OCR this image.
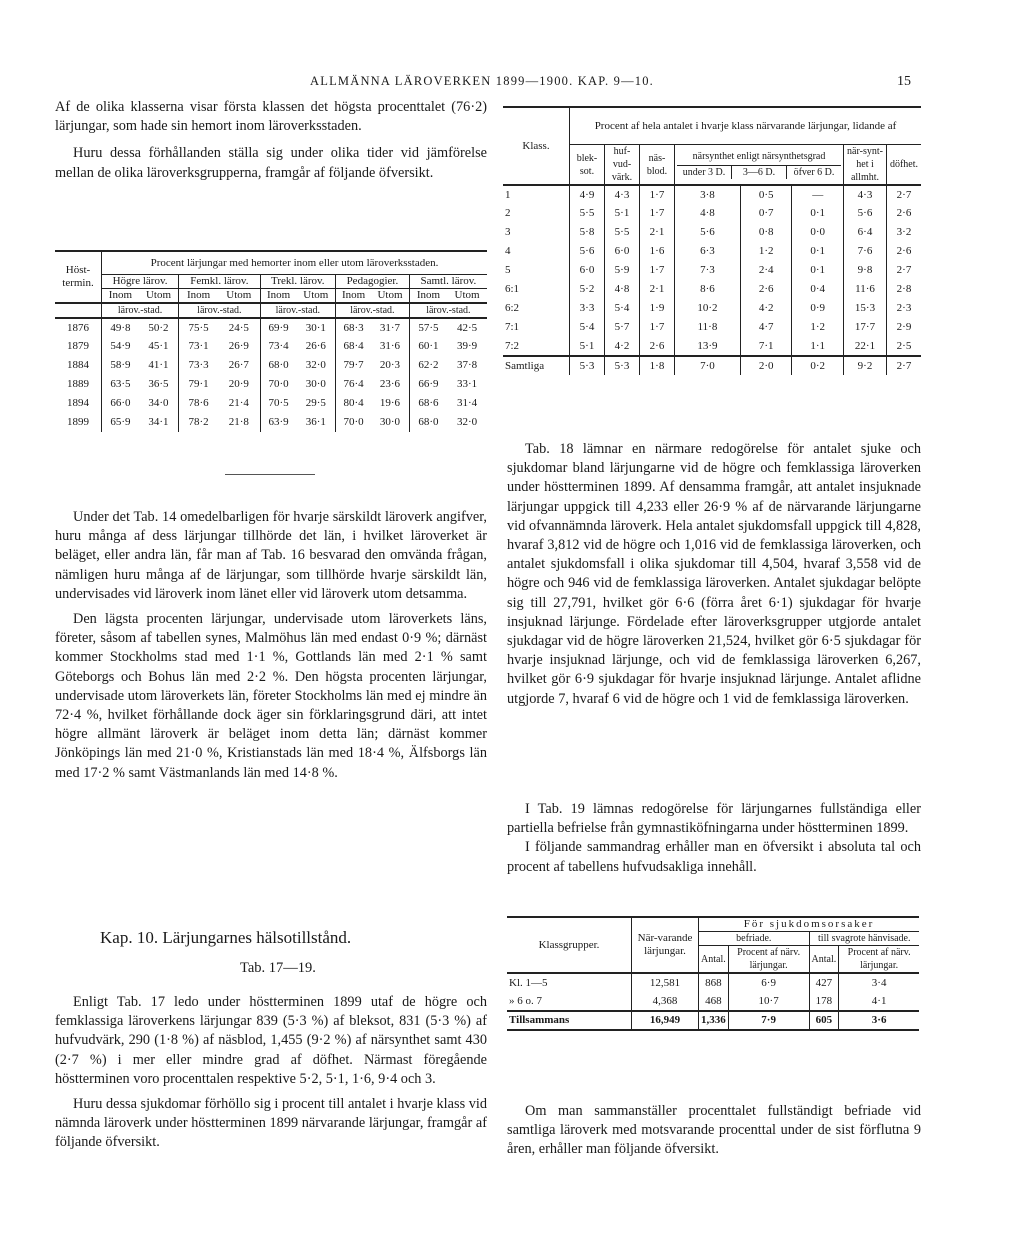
ALLMÄNNA LÄROVERKEN 1899—1900. KAP. 9—10.	15

Af de olika klasserna visar första klassen det högsta procenttalet (76·2) lärjungar, som hade sin hemort inom läroverksstaden.

Huru dessa förhållanden ställa sig under olika tider vid jämförelse mellan de olika läroverksgrupperna, framgår af följande öfversikt.

Höst-
termin.	Procent lärjungar med hemorter inom eller utom läroverksstaden.									
	Högre lärov.		Femkl. lärov.		Trekl. lärov.		Pedagogier.		Samtl. lärov.	
	Inom	Utom	Inom	Utom	Inom	Utom	Inom	Utom	Inom	Utom
	lärov.-stad.		lärov.-stad.		lärov.-stad.		lärov.-stad.		lärov.-stad.	
1876	49·8	50·2	75·5	24·5	69·9	30·1	68·3	31·7	57·5	42·5
1879	54·9	45·1	73·1	26·9	73·4	26·6	68·4	31·6	60·1	39·9
1884	58·9	41·1	73·3	26·7	68·0	32·0	79·7	20·3	62·2	37·8
1889	63·5	36·5	79·1	20·9	70·0	30·0	76·4	23·6	66·9	33·1
1894	66·0	34·0	78·6	21·4	70·5	29·5	80·4	19·6	68·6	31·4
1899	65·9	34·1	78·2	21·8	63·9	36·1	70·0	30·0	68·0	32·0

Under det Tab. 14 omedelbarligen för hvarje särskildt läroverk angifver, huru många af dess lärjungar tillhörde det län, i hvilket läroverket är beläget, eller andra län, får man af Tab. 16 besvarad den omvända frågan, nämligen huru många af de lärjungar, som tillhörde hvarje särskildt län, undervisades vid läroverk inom länet eller vid läroverk utom detsamma.

Den lägsta procenten lärjungar, undervisade utom läroverkets läns, företer, såsom af tabellen synes, Malmöhus län med endast 0·9 %; därnäst kommer Stockholms stad med 1·1 %, Gottlands län med 2·1 % samt Göteborgs och Bohus län med 2·2 %. Den högsta procenten lärjungar, undervisade utom läroverkets län, företer Stockholms län med ej mindre än 72·4 %, hvilket förhållande dock äger sin förklaringsgrund däri, att intet högre allmänt läroverk är beläget inom detta län; därnäst kommer Jönköpings län med 21·0 %, Kristianstads län med 18·4 %, Älfsborgs län med 17·2 % samt Västmanlands län med 14·8 %.

Kap. 10. Lärjungarnes hälsotillstånd.
Tab. 17—19.

Enligt Tab. 17 ledo under höstterminen 1899 utaf de högre och femklassiga läroverkens lärjungar 839 (5·3 %) af bleksot, 831 (5·3 %) af hufvudvärk, 290 (1·8 %) af näsblod, 1,455 (9·2 %) af närsynthet samt 430 (2·7 %) i mer eller mindre grad af döfhet. Närmast föregående höstterminen voro procenttalen respektive 5·2, 5·1, 1·6, 9·4 och 3.

Huru dessa sjukdomar förhöllo sig i procent till antalet i hvarje klass vid nämnda läroverk under höstterminen 1899 närvarande lärjungar, framgår af följande öfversikt.

Klass.	Procent af hela antalet i hvarje klass närvarande lärjungar, lidande af							
	blek-sot.	huf-vud-värk.	näs-blod.	närsynthet enligt närsynthetsgrad
under 3 D. 3—6 D. öfver 6 D.			när-synt-het i allmht.	döfhet.
1	4·9	4·3	1·7	3·8	0·5	—	4·3	2·7
2	5·5	5·1	1·7	4·8	0·7	0·1	5·6	2·6
3	5·8	5·5	2·1	5·6	0·8	0·0	6·4	3·2
4	5·6	6·0	1·6	6·3	1·2	0·1	7·6	2·6
5	6·0	5·9	1·7	7·3	2·4	0·1	9·8	2·7
6:1	5·2	4·8	2·1	8·6	2·6	0·4	11·6	2·8
6:2	3·3	5·4	1·9	10·2	4·2	0·9	15·3	2·3
7:1	5·4	5·7	1·7	11·8	4·7	1·2	17·7	2·9
7:2	5·1	4·2	2·6	13·9	7·1	1·1	22·1	2·5
Samtliga	5·3	5·3	1·8	7·0	2·0	0·2	9·2	2·7

Tab. 18 lämnar en närmare redogörelse för antalet sjuke och sjukdomar bland lärjungarne vid de högre och femklassiga läroverken under höstterminen 1899. Af densamma framgår, att antalet insjuknade lärjungar uppgick till 4,233 eller 26·9 % af de närvarande lärjungarne vid ofvannämnda läroverk. Hela antalet sjukdomsfall uppgick till 4,828, hvaraf 3,812 vid de högre och 1,016 vid de femklassiga läroverken, och antalet sjukdomsfall i olika sjukdomar till 4,504, hvaraf 3,558 vid de högre och 946 vid de femklassiga läroverken. Antalet sjukdagar belöpte sig till 27,791, hvilket gör 6·6 (förra året 6·1) sjukdagar för hvarje insjuknad lärjunge. Fördelade efter läroverksgrupper utgjorde antalet sjukdagar vid de högre läroverken 21,524, hvilket gör 6·5 sjukdagar för hvarje insjuknad lärjunge, och vid de femklassiga läroverken 6,267, hvilket gör 6·9 sjukdagar för hvarje insjuknad lärjunge. Antalet aflidne utgjorde 7, hvaraf 6 vid de högre och 1 vid de femklassiga läroverken.

I Tab. 19 lämnas redogörelse för lärjungarnes fullständiga eller partiella befrielse från gymnastiköfningarna under höstterminen 1899.

I följande sammandrag erhåller man en öfversikt i absoluta tal och procent af tabellens hufvudsakliga innehåll.

Klassgrupper.	När-varande lärjungar.	För sjukdomsorsaker			
		befriade.		till svagrote hänvisade.	
		Antal.	Procent af närv. lärjungar.	Antal.	Procent af närv. lärjungar.
Kl. 1—5	12,581	868	6·9	427	3·4
» 6 o. 7	4,368	468	10·7	178	4·1
Tillsammans	16,949	1,336	7·9	605	3·6

Om man sammanställer procenttalet fullständigt befriade vid samtliga läroverk med motsvarande procenttal under de sist förflutna 9 åren, erhåller man följande öfversikt.
